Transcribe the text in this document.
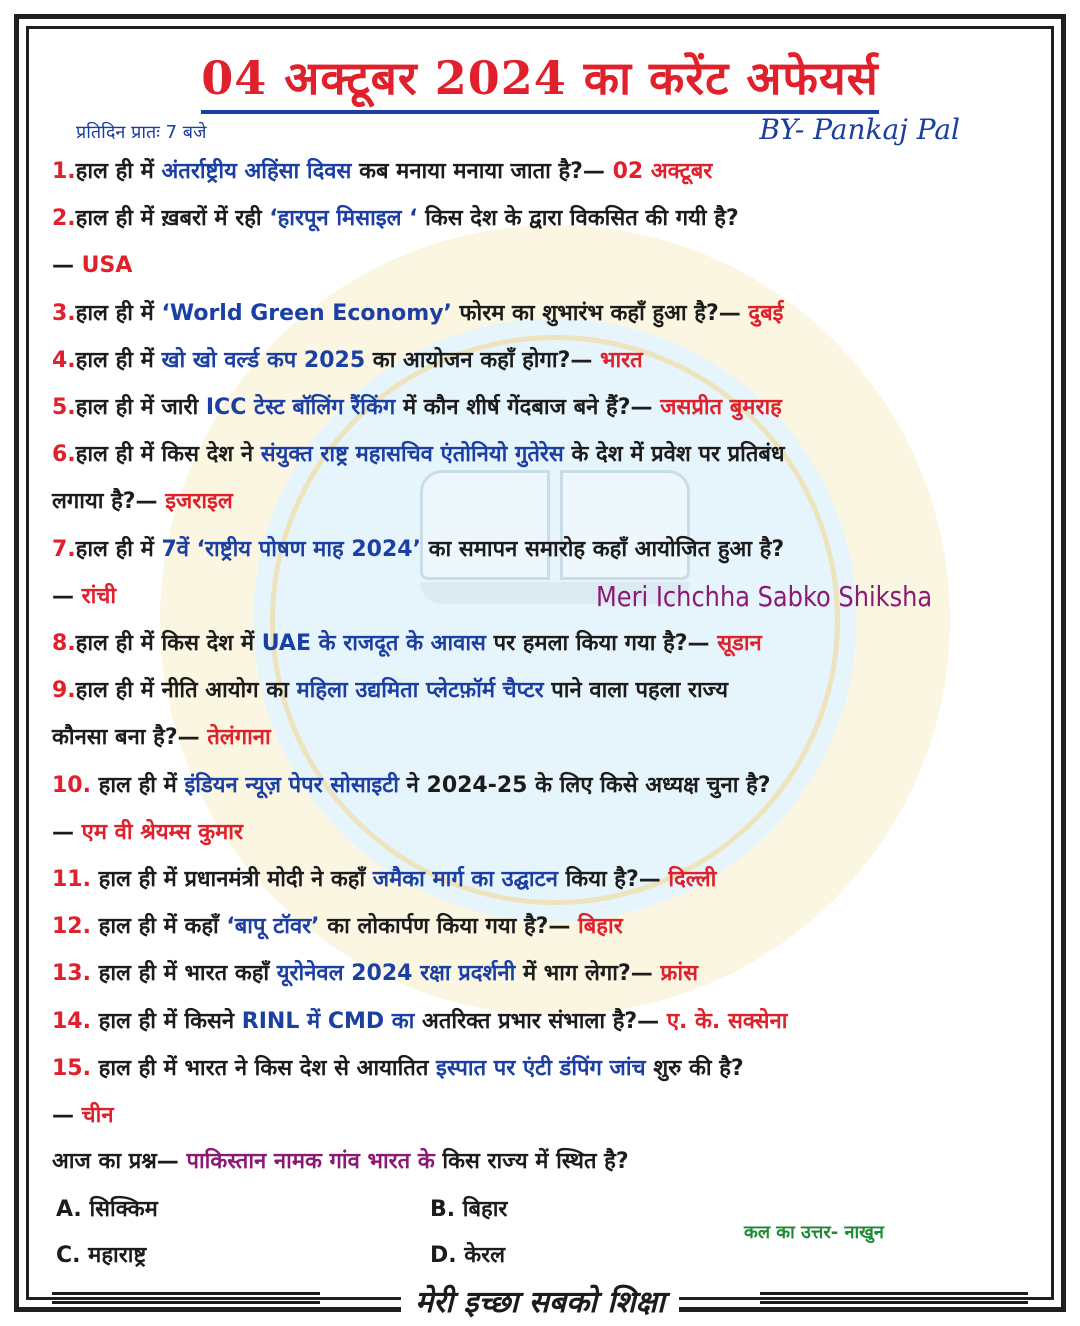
04 अक्टूबर 2024 का करेंट अफेयर्स
प्रतिदिन प्रातः 7 बजे	BY- Pankaj Pal
1.हाल ही में अंतर्राष्ट्रीय अहिंसा दिवस कब मनाया मनाया जाता है?— 02 अक्टूबर
2.हाल ही में ख़बरों में रही ‘हारपून मिसाइल ‘ किस देश के द्वारा विकसित की गयी है?
— USA
3.हाल ही में ‘World Green Economy’ फोरम का शुभारंभ कहाँ हुआ है?— दुबई
4.हाल ही में खो खो वर्ल्ड कप 2025 का आयोजन कहाँ होगा?— भारत
5.हाल ही में जारी ICC टेस्ट बॉलिंग रैंकिंग में कौन शीर्ष गेंदबाज बने हैं?— जसप्रीत बुमराह
6.हाल ही में किस देश ने संयुक्त राष्ट्र महासचिव एंतोनियो गुतेरेस के देश में प्रवेश पर प्रतिबंध
लगाया है?— इजराइल
7.हाल ही में 7वें ‘राष्ट्रीय पोषण माह 2024’ का समापन समारोह कहाँ आयोजित हुआ है?
— रांची
8.हाल ही में किस देश में UAE के राजदूत के आवास पर हमला किया गया है?— सूडान
9.हाल ही में नीति आयोग का महिला उद्यमिता प्लेटफ़ॉर्म चैप्टर पाने वाला पहला राज्य
कौनसा बना है?— तेलंगाना
10. हाल ही में इंडियन न्यूज़ पेपर सोसाइटी ने 2024-25 के लिए किसे अध्यक्ष चुना है?
— एम वी श्रेयम्स कुमार
11. हाल ही में प्रधानमंत्री मोदी ने कहाँ जमैका मार्ग का उद्घाटन किया है?— दिल्ली
12. हाल ही में कहाँ ‘बापू टॉवर’ का लोकार्पण किया गया है?— बिहार
13. हाल ही में भारत कहाँ यूरोनेवल 2024 रक्षा प्रदर्शनी में भाग लेगा?— फ्रांस
14. हाल ही में किसने RINL में CMD का अतरिक्त प्रभार संभाला है?— ए. के. सक्सेना
15. हाल ही में भारत ने किस देश से आयातित इस्पात पर एंटी डंपिंग जांच शुरु की है?
— चीन
Meri Ichchha Sabko Shiksha
आज का प्रश्न— पाकिस्तान नामक गांव भारत के किस राज्य में स्थित है?
A. सिक्किम	B. बिहार
C. महाराष्ट्र	D. केरल
कल का उत्तर- नाखुन
मेरी इच्छा सबको शिक्षा
